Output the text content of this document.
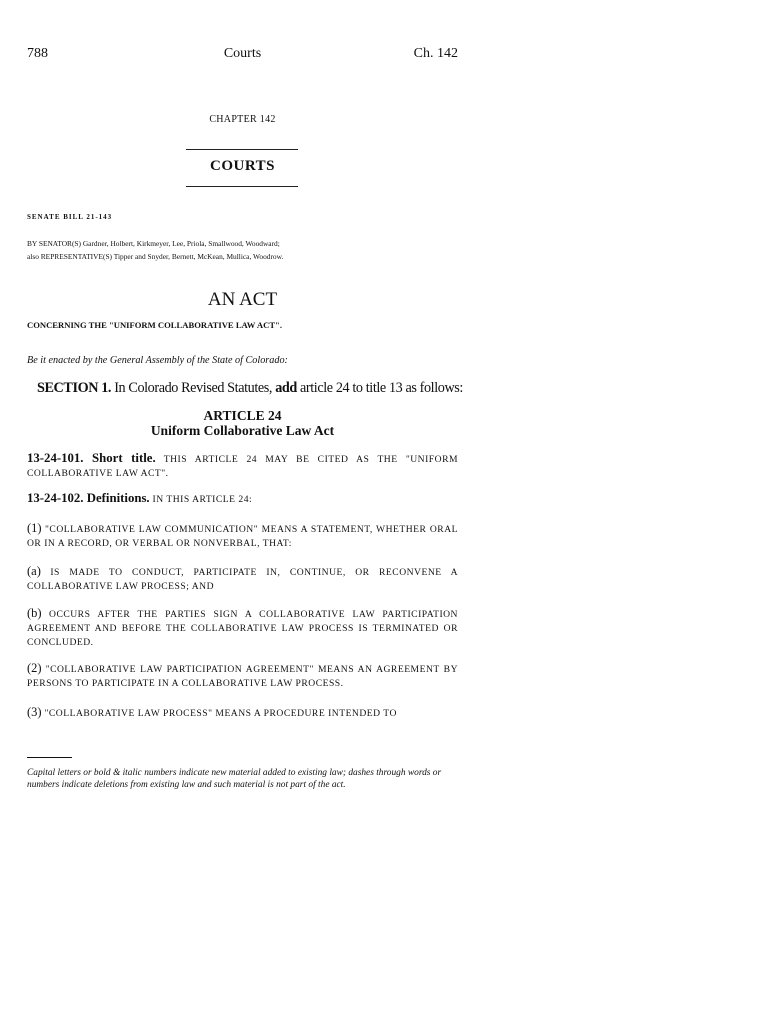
788	Courts	Ch. 142
CHAPTER 142
COURTS
SENATE BILL 21-143
BY SENATOR(S) Gardner, Holbert, Kirkmeyer, Lee, Priola, Smallwood, Woodward;
also REPRESENTATIVE(S) Tipper and Snyder, Bernett, McKean, Mullica, Woodrow.
AN ACT
CONCERNING THE "UNIFORM COLLABORATIVE LAW ACT".
Be it enacted by the General Assembly of the State of Colorado:
SECTION 1. In Colorado Revised Statutes, add article 24 to title 13 as follows:
ARTICLE 24
Uniform Collaborative Law Act
13-24-101. Short title. THIS ARTICLE 24 MAY BE CITED AS THE "UNIFORM COLLABORATIVE LAW ACT".
13-24-102. Definitions. IN THIS ARTICLE 24:
(1) "COLLABORATIVE LAW COMMUNICATION" MEANS A STATEMENT, WHETHER ORAL OR IN A RECORD, OR VERBAL OR NONVERBAL, THAT:
(a) IS MADE TO CONDUCT, PARTICIPATE IN, CONTINUE, OR RECONVENE A COLLABORATIVE LAW PROCESS; AND
(b) OCCURS AFTER THE PARTIES SIGN A COLLABORATIVE LAW PARTICIPATION AGREEMENT AND BEFORE THE COLLABORATIVE LAW PROCESS IS TERMINATED OR CONCLUDED.
(2) "COLLABORATIVE LAW PARTICIPATION AGREEMENT" MEANS AN AGREEMENT BY PERSONS TO PARTICIPATE IN A COLLABORATIVE LAW PROCESS.
(3) "COLLABORATIVE LAW PROCESS" MEANS A PROCEDURE INTENDED TO
Capital letters or bold & italic numbers indicate new material added to existing law; dashes through words or numbers indicate deletions from existing law and such material is not part of the act.
